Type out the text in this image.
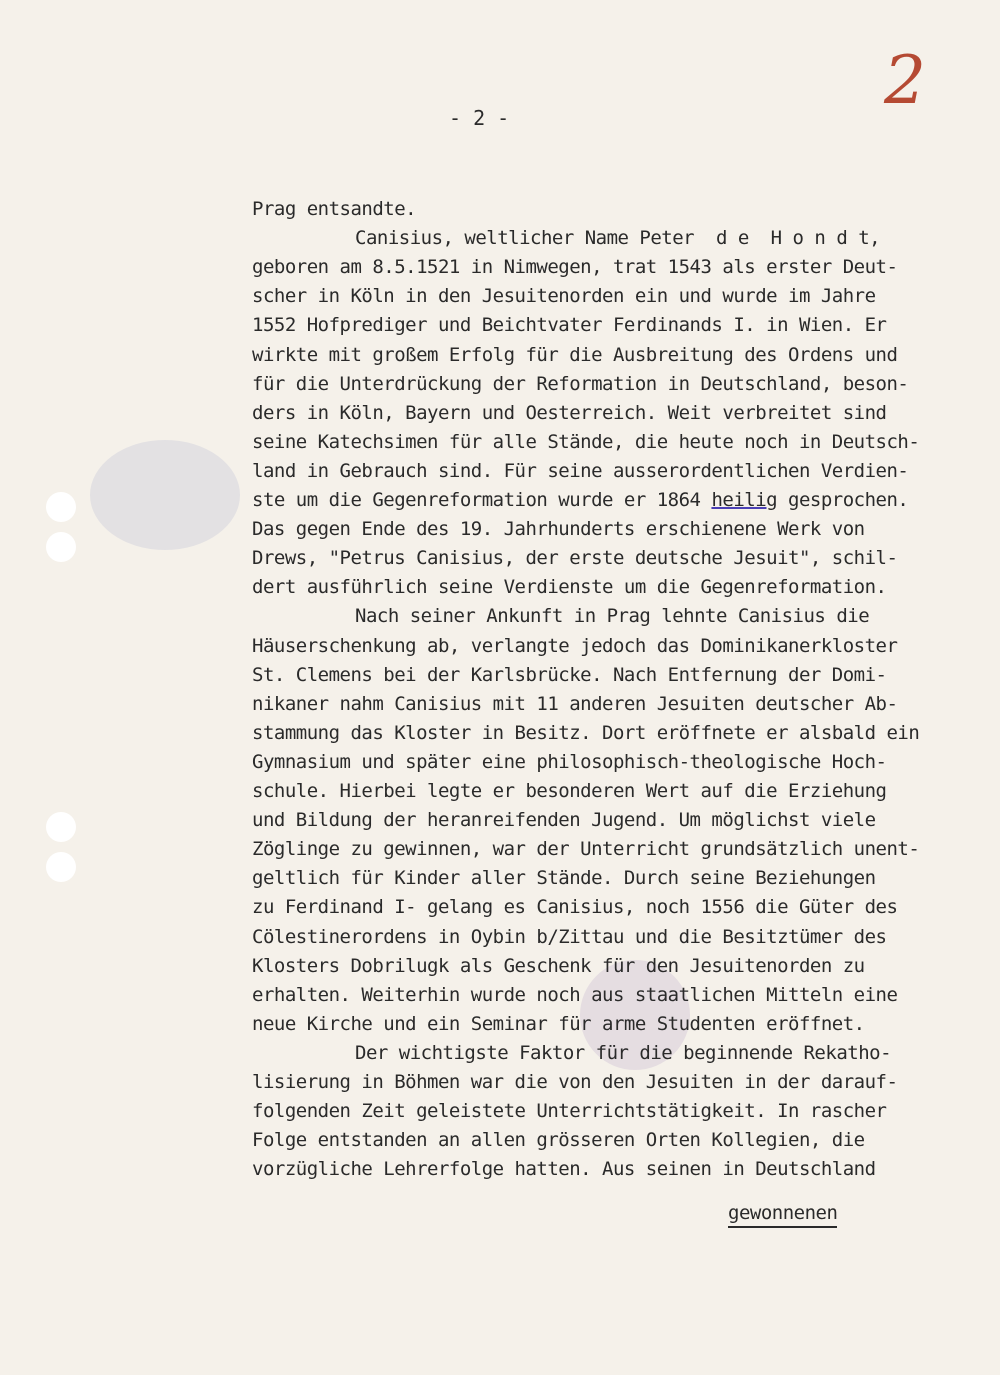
2
- 2 -
Prag entsandte.
Canisius, weltlicher Name Peter  d e  H o n d t,
geboren am 8.5.1521 in Nimwegen, trat 1543 als erster Deut-
scher in Köln in den Jesuitenorden ein und wurde im Jahre
1552 Hofprediger und Beichtvater Ferdinands I. in Wien. Er
wirkte mit großem Erfolg für die Ausbreitung des Ordens und
für die Unterdrückung der Reformation in Deutschland, beson-
ders in Köln, Bayern und Oesterreich. Weit verbreitet sind
seine Katechsimen für alle Stände, die heute noch in Deutsch-
land in Gebrauch sind. Für seine ausserordentlichen Verdien-
ste um die Gegenreformation wurde er 1864 heilig gesprochen.
Das gegen Ende des 19. Jahrhunderts erschienene Werk von
Drews, "Petrus Canisius, der erste deutsche Jesuit", schil-
dert ausführlich seine Verdienste um die Gegenreformation.
Nach seiner Ankunft in Prag lehnte Canisius die
Häuserschenkung ab, verlangte jedoch das Dominikanerkloster
St. Clemens bei der Karlsbrücke. Nach Entfernung der Domi-
nikaner nahm Canisius mit 11 anderen Jesuiten deutscher Ab-
stammung das Kloster in Besitz. Dort eröffnete er alsbald ein
Gymnasium und später eine philosophisch-theologische Hoch-
schule. Hierbei legte er besonderen Wert auf die Erziehung
und Bildung der heranreifenden Jugend. Um möglichst viele
Zöglinge zu gewinnen, war der Unterricht grundsätzlich unent-
geltlich für Kinder aller Stände. Durch seine Beziehungen
zu Ferdinand I- gelang es Canisius, noch 1556 die Güter des
Cölestinerordens in Oybin b/Zittau und die Besitztümer des
Klosters Dobrilugk als Geschenk für den Jesuitenorden zu
erhalten. Weiterhin wurde noch aus staatlichen Mitteln eine
neue Kirche und ein Seminar für arme Studenten eröffnet.
Der wichtigste Faktor für die beginnende Rekatho-
lisierung in Böhmen war die von den Jesuiten in der darauf-
folgenden Zeit geleistete Unterrichtstätigkeit. In rascher
Folge entstanden an allen grösseren Orten Kollegien, die
vorzügliche Lehrerfolge hatten. Aus seinen in Deutschland
gewonnenen
